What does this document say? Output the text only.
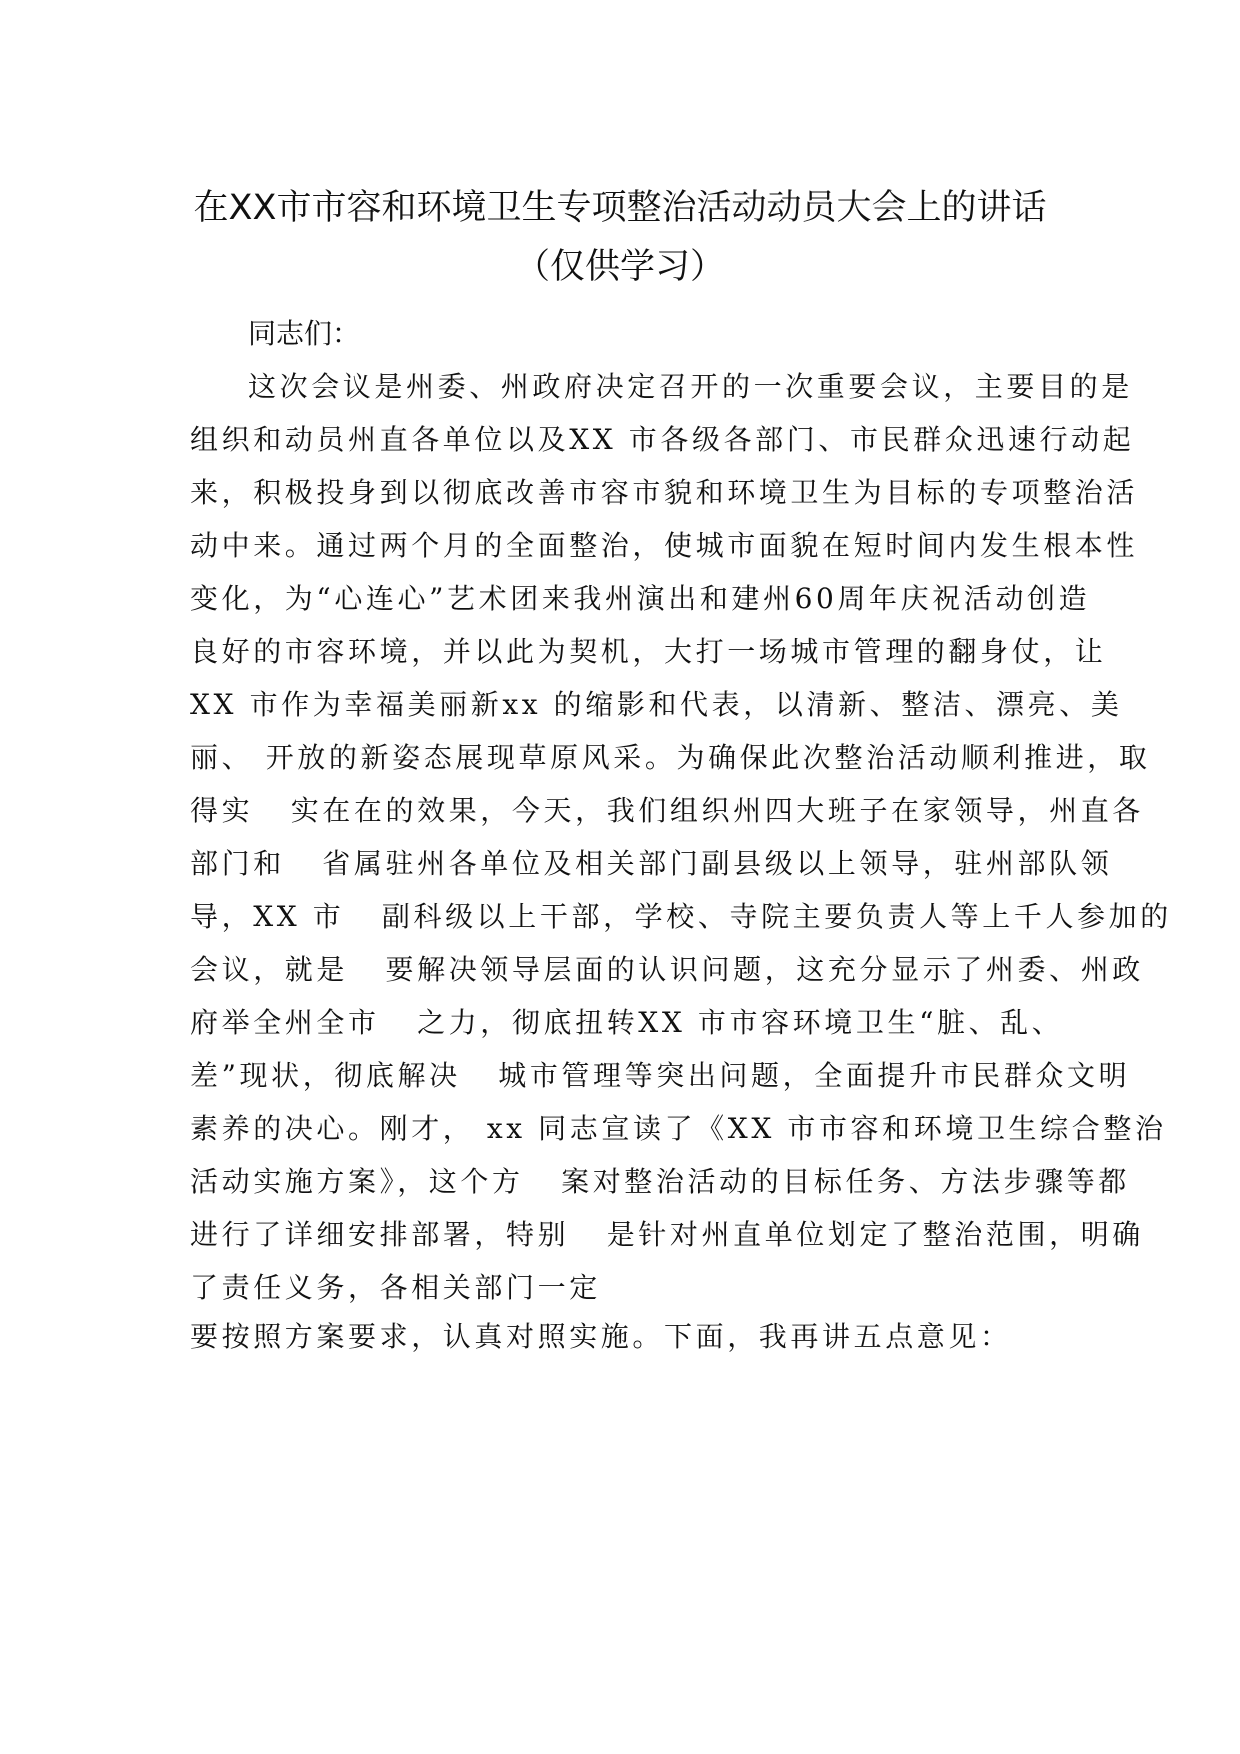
在XX市市容和环境卫生专项整治活动动员大会上的讲话
（仅供学习）
同志们：
这次会议是州委、州政府决定召开的一次重要会议，主要目的是
组织和动员州直各单位以及XX 市各级各部门、市民群众迅速行动起
来，积极投身到以彻底改善市容市貌和环境卫生为目标的专项整治活
动中来。通过两个月的全面整治，使城市面貌在短时间内发生根本性
变化，为“心连心”艺术团来我州演出和建州60周年庆祝活动创造
良好的市容环境，并以此为契机，大打一场城市管理的翻身仗，让
XX 市作为幸福美丽新xx 的缩影和代表，以清新、整洁、漂亮、美
丽、 开放的新姿态展现草原风采。为确保此次整治活动顺利推进，取
得实   实在在的效果，今天，我们组织州四大班子在家领导，州直各
部门和   省属驻州各单位及相关部门副县级以上领导，驻州部队领
导，XX 市   副科级以上干部，学校、寺院主要负责人等上千人参加的
会议，就是   要解决领导层面的认识问题，这充分显示了州委、州政
府举全州全市   之力，彻底扭转XX 市市容环境卫生“脏、乱、
差”现状，彻底解决   城市管理等突出问题，全面提升市民群众文明
素养的决心。刚才， xx 同志宣读了《XX 市市容和环境卫生综合整治
活动实施方案》，这个方   案对整治活动的目标任务、方法步骤等都
进行了详细安排部署，特别   是针对州直单位划定了整治范围，明确
了责任义务，各相关部门一定
要按照方案要求，认真对照实施。下面，我再讲五点意见：
